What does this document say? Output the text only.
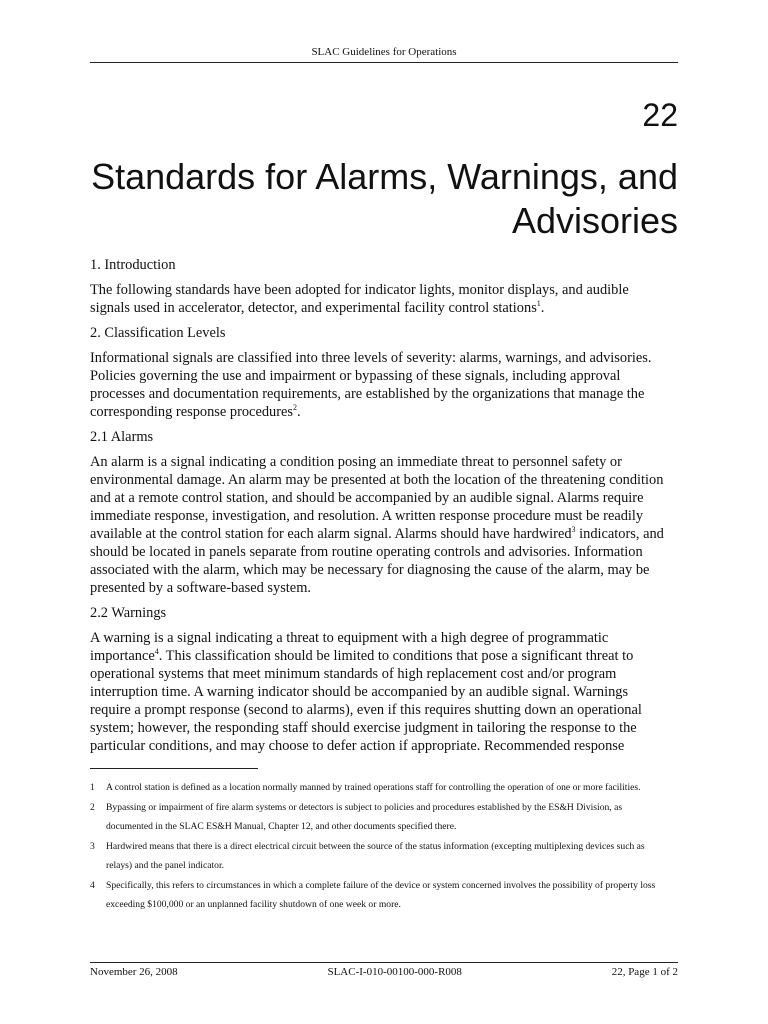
SLAC Guidelines for Operations
22
Standards for Alarms, Warnings, and
Advisories
1. Introduction

The following standards have been adopted for indicator lights, monitor displays, and audible signals used in accelerator, detector, and experimental facility control stations$^1$.

2. Classification Levels

Informational signals are classified into three levels of severity: alarms, warnings, and advisories. Policies governing the use and impairment or bypassing of these signals, including approval processes and documentation requirements, are established by the organizations that manage the corresponding response procedures$^2$.

2.1 Alarms

An alarm is a signal indicating a condition posing an immediate threat to personnel safety or environmental damage. An alarm may be presented at both the location of the threatening condition and at a remote control station, and should be accompanied by an audible signal. Alarms require immediate response, investigation, and resolution. A written response procedure must be readily available at the control station for each alarm signal. Alarms should have hardwired$^3$ indicators, and should be located in panels separate from routine operating controls and advisories. Information associated with the alarm, which may be necessary for diagnosing the cause of the alarm, may be presented by a software-based system.

2.2 Warnings

A warning is a signal indicating a threat to equipment with a high degree of programmatic importance$^4$. This classification should be limited to conditions that pose a significant threat to operational systems that meet minimum standards of high replacement cost and/or program interruption time. A warning indicator should be accompanied by an audible signal. Warnings require a prompt response (second to alarms), even if this requires shutting down an operational system; however, the responding staff should exercise judgment in tailoring the response to the particular conditions, and may choose to defer action if appropriate. Recommended response

1	A control station is defined as a location normally manned by trained operations staff for controlling the operation of one or more facilities.
2	Bypassing or impairment of fire alarm systems or detectors is subject to policies and procedures established by the ES&H Division, as documented in the SLAC ES&H Manual, Chapter 12, and other documents specified there.
3	Hardwired means that there is a direct electrical circuit between the source of the status information (excepting multiplexing devices such as relays) and the panel indicator.
4	Specifically, this refers to circumstances in which a complete failure of the device or system concerned involves the possibility of property loss exceeding $100,000 or an unplanned facility shutdown of one week or more.
November 26, 2008	SLAC-I-010-00100-000-R008	22, Page 1 of 2
